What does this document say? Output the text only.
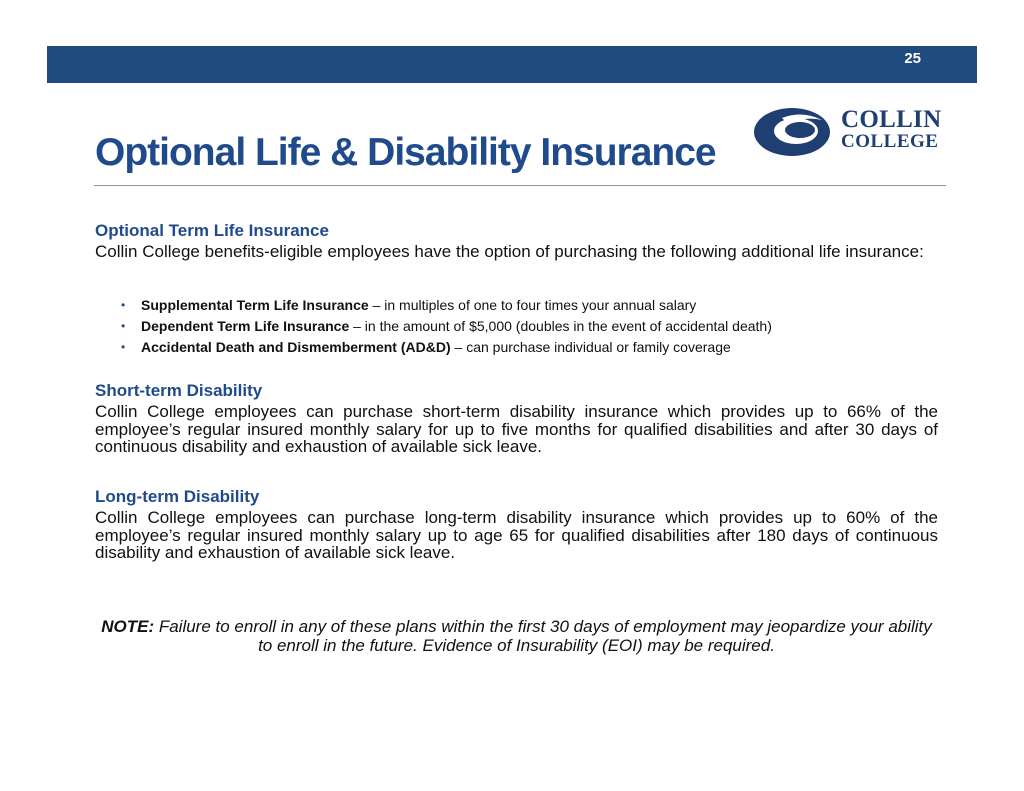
25
COLLIN
COLLEGE
Optional Life & Disability Insurance
Optional Term Life Insurance
Collin College benefits-eligible employees have the option of purchasing the following additional life insurance:
• Supplemental Term Life Insurance – in multiples of one to four times your annual salary
• Dependent Term Life Insurance – in the amount of $5,000 (doubles in the event of accidental death)
• Accidental Death and Dismemberment (AD&D) – can purchase individual or family coverage
Short-term Disability
Collin College employees can purchase short-term disability insurance which provides up to 66% of the employee’s regular insured monthly salary for up to five months for qualified disabilities and after 30 days of continuous disability and exhaustion of available sick leave.
Long-term Disability
Collin College employees can purchase long-term disability insurance which provides up to 60% of the employee’s regular insured monthly salary up to age 65 for qualified disabilities after 180 days of continuous disability and exhaustion of available sick leave.
NOTE: Failure to enroll in any of these plans within the first 30 days of employment may jeopardize your ability to enroll in the future. Evidence of Insurability (EOI) may be required.
